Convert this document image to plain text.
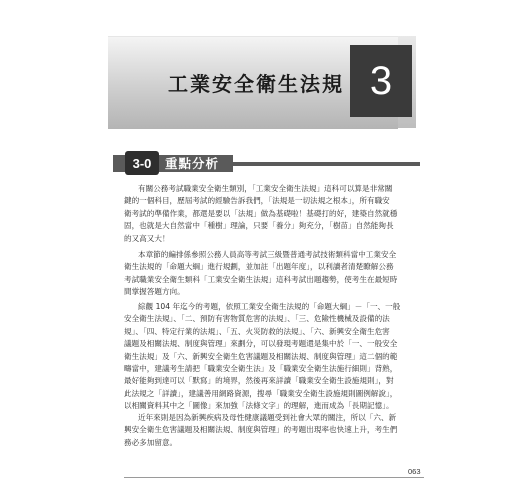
工業安全衛生法規 3
3-0	重點分析
有關公務考試職業安全衛生類別，「工業安全衛生法規」這科可以算是非常關
鍵的一個科目，歷屆考試的經驗告訴我們，「法規是一切法規之根本」，所有職安
衛考試的準備作業，都還是要以「法規」做為基礎啦！基礎打的好，建築自然就穩
固，也就是大自然當中「種樹」理論，只要「養分」夠充分，「樹苗」自然能夠長
的又高又大！
本章節的編排係參照公務人員高等考試三級暨普通考試技術類科當中工業安全
衛生法規的「命題大綱」進行規劃，並加註「出題年度」，以利讀者清楚瞭解公務
考試職業安全衛生類科「工業安全衛生法規」這科考試出題趨勢，使考生在最短時
間掌握答題方向。
綜觀 104 年迄今的考題，依照工業安全衛生法規的「命題大綱」－「一、一般
安全衛生法規」、「二、預防有害物質危害的法規」、「三、危險性機械及設備的法
規」、「四、特定行業的法規」、「五、火災防救的法規」、「六、新興安全衛生危害
議題及相關法規、制度與管理」來劃分，可以發現考題還是集中於「一、一般安全
衛生法規」及「六、新興安全衛生危害議題及相關法規、制度與管理」這二個的範
疇當中，建議考生請把「職業安全衛生法」及「職業安全衛生法施行細則」背熟，
最好能夠到達可以「默寫」的境界，然後再來詳讀「職業安全衛生設施規則」，對
此法規之「詳讀」，建議善用網路資源，搜尋「職業安全衛生設施規則圖例解說」，
以相關資料其中之「圖像」來加強「法條文字」的理解，進而成為「長期記憶」。
近年來則是因為新興疾病及母性健康議題受到社會大眾的關注，所以「六、新
興安全衛生危害議題及相關法規、制度與管理」的考題出現率也快速上升，考生們
務必多加留意。
063
